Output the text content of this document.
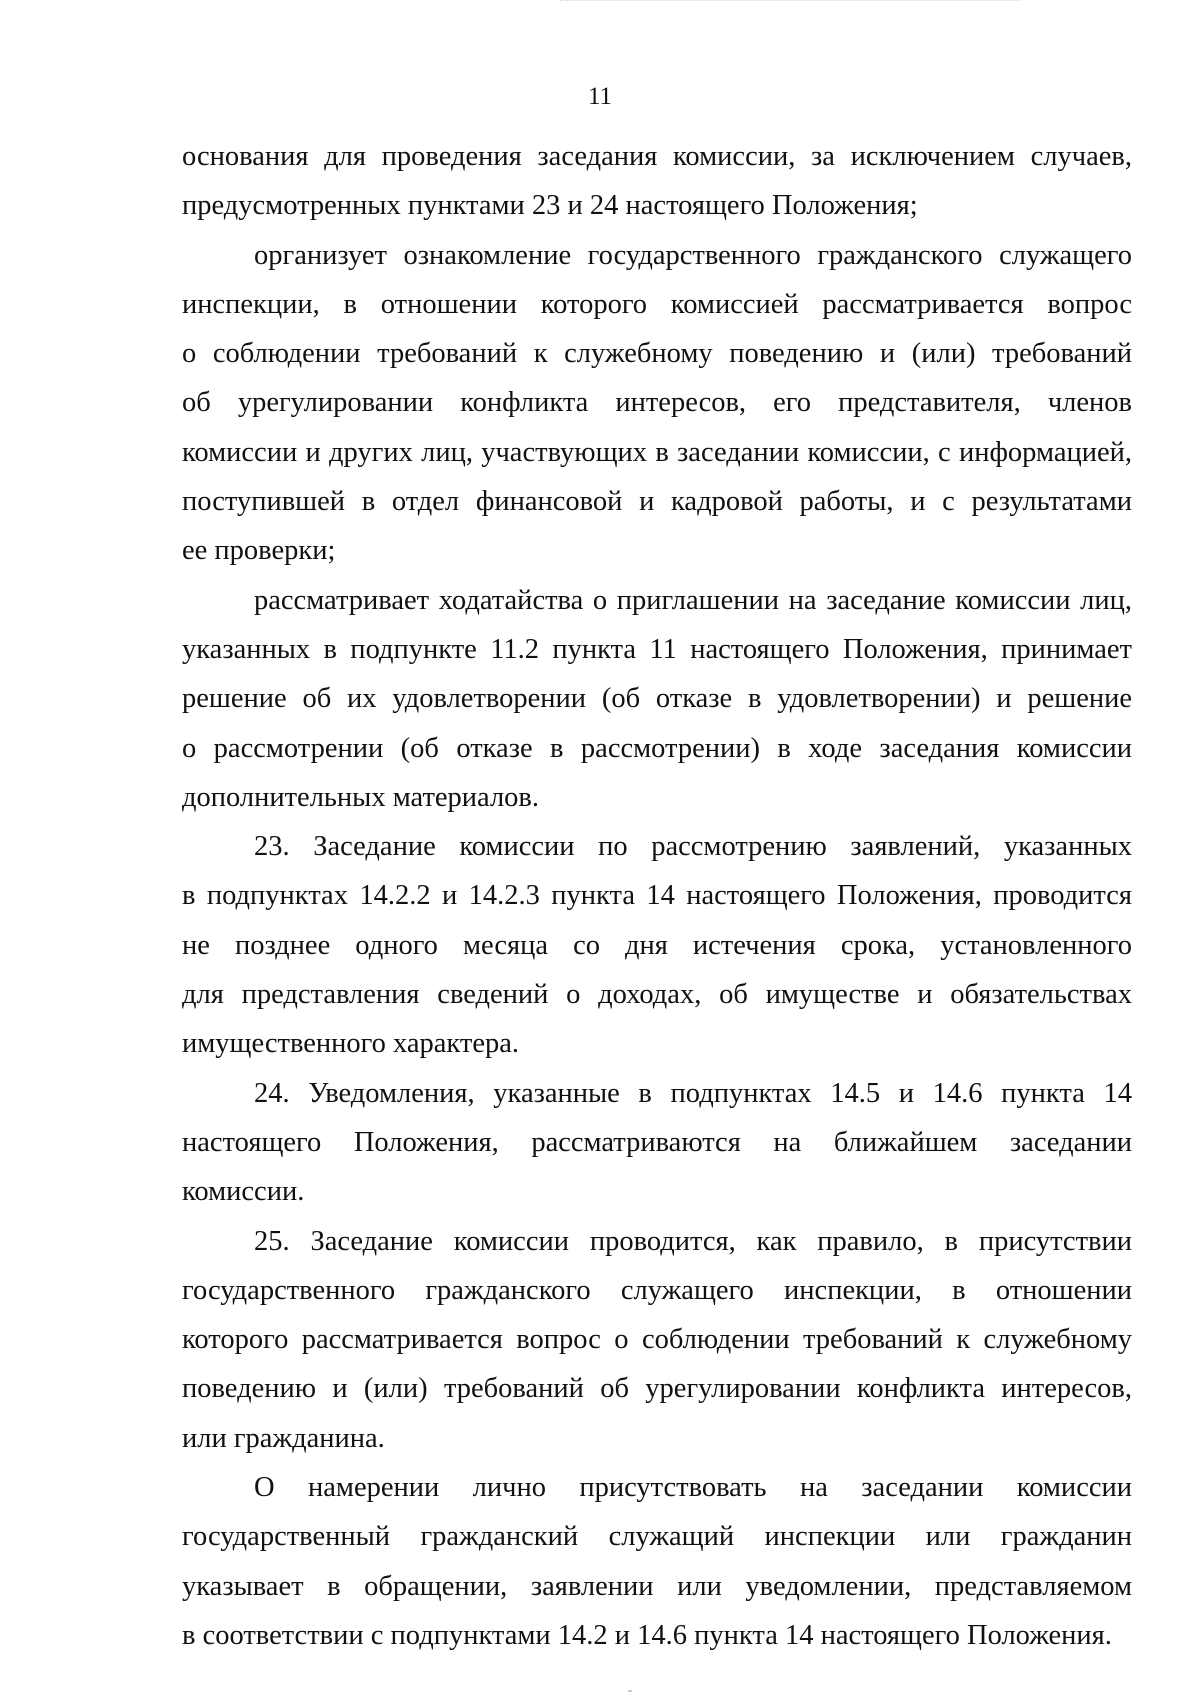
11
основания для проведения заседания комиссии, за исключением случаев,
предусмотренных пунктами 23 и 24 настоящего Положения;
организует ознакомление государственного гражданского служащего
инспекции, в отношении которого комиссией рассматривается вопрос
о соблюдении требований к служебному поведению и (или) требований
об урегулировании конфликта интересов, его представителя, членов
комиссии и других лиц, участвующих в заседании комиссии, с информацией,
поступившей в отдел финансовой и кадровой работы, и с результатами
ее проверки;
рассматривает ходатайства о приглашении на заседание комиссии лиц,
указанных в подпункте 11.2 пункта 11 настоящего Положения, принимает
решение об их удовлетворении (об отказе в удовлетворении) и решение
о рассмотрении (об отказе в рассмотрении) в ходе заседания комиссии
дополнительных материалов.
23. Заседание комиссии по рассмотрению заявлений, указанных
в подпунктах 14.2.2 и 14.2.3 пункта 14 настоящего Положения, проводится
не позднее одного месяца со дня истечения срока, установленного
для представления сведений о доходах, об имуществе и обязательствах
имущественного характера.
24. Уведомления, указанные в подпунктах 14.5 и 14.6 пункта 14
настоящего Положения, рассматриваются на ближайшем заседании
комиссии.
25. Заседание комиссии проводится, как правило, в присутствии
государственного гражданского служащего инспекции, в отношении
которого рассматривается вопрос о соблюдении требований к служебному
поведению и (или) требований об урегулировании конфликта интересов,
или гражданина.
О намерении лично присутствовать на заседании комиссии
государственный гражданский служащий инспекции или гражданин
указывает в обращении, заявлении или уведомлении, представляемом
в соответствии с подпунктами 14.2 и 14.6 пункта 14 настоящего Положения.
